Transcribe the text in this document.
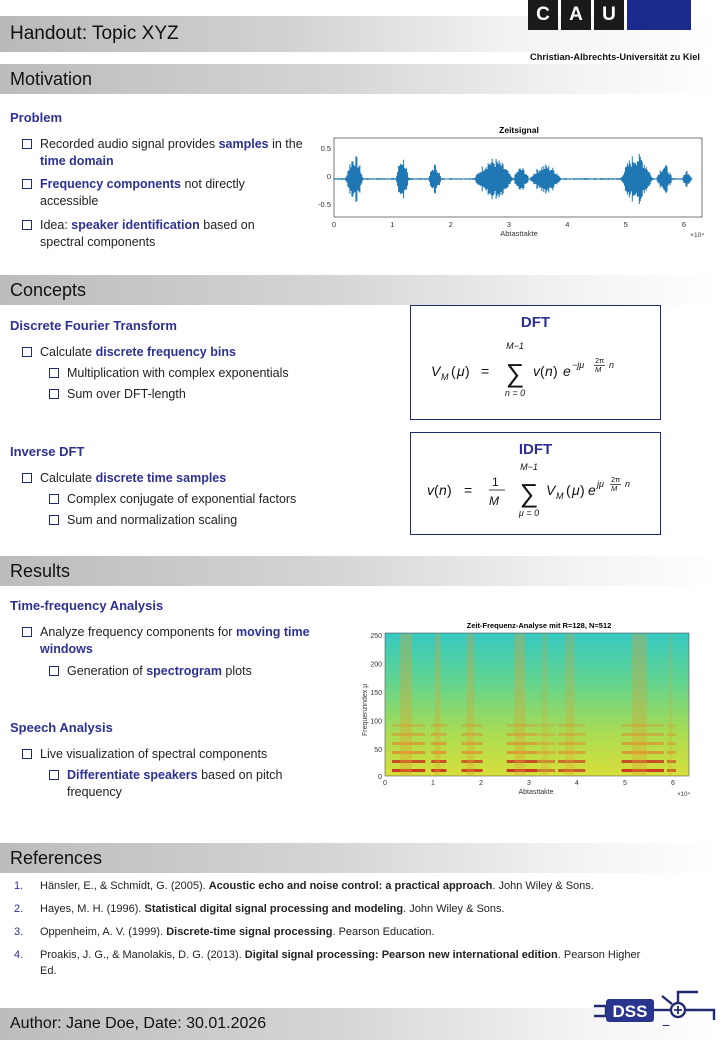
Handout: Topic XYZ
C	A	U
Christian-Albrechts-Universität zu Kiel
Motivation
Problem
Recorded audio signal provides samples in the time domain
Frequency components not directly accessible
Idea: speaker identification based on spectral components
Zeitsignal
0.5
0
-0.5
0	1	2	3	4	5	6
Abtasttakte	×10⁴
Concepts
Discrete Fourier Transform
Calculate discrete frequency bins
Multiplication with complex exponentials
Sum over DFT-length
Inverse DFT
Calculate discrete time samples
Complex conjugate of exponential factors
Sum and normalization scaling
DFT
V M ( μ ) =
M−1
∑
n = 0
v ( n ) e −jμ 2π
M n
IDFT
v ( n ) = 1
M
M−1
∑
μ = 0
V M ( μ ) e jμ 2π
M n
Results
Time-frequency Analysis
Analyze frequency components for moving time windows
Generation of spectrogram plots
Speech Analysis
Live visualization of spectral components
Differentiate speakers based on pitch frequency
Zeit-Frequenz-Analyse mit R=128, N=512
250
200
150
100
50
0
0	1	2	3	4	5	6
Abtasttakte	×10⁴
Frequenzindex μ
References
1. Hänsler, E., & Schmidt, G. (2005). Acoustic echo and noise control: a practical approach. John Wiley & Sons.
2. Hayes, M. H. (1996). Statistical digital signal processing and modeling. John Wiley & Sons.
3. Oppenheim, A. V. (1999). Discrete-time signal processing. Pearson Education.
4. Proakis, J. G., & Manolakis, D. G. (2013). Digital signal processing: Pearson new international edition. Pearson Higher Ed.
Author: Jane Doe, Date: 30.01.2026
DSS
−
